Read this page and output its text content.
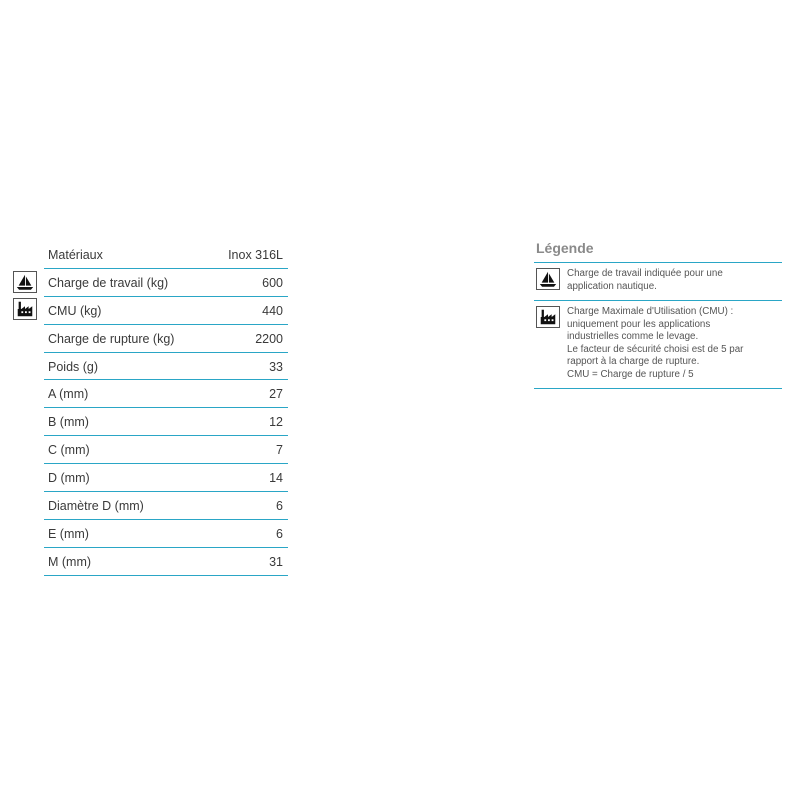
Matériaux	Inox 316L
Charge de travail (kg)	600
CMU (kg)	440
Charge de rupture (kg)	2200
Poids (g)	33
A (mm)	27
B (mm)	12
C (mm)	7
D (mm)	14
Diamètre D (mm)	6
E (mm)	6
M (mm)	31
Légende
Charge de travail indiquée pour une
application nautique.
Charge Maximale d'Utilisation (CMU) :
uniquement pour les applications
industrielles comme le levage.
Le facteur de sécurité choisi est de 5 par
rapport à la charge de rupture.
CMU = Charge de rupture / 5
